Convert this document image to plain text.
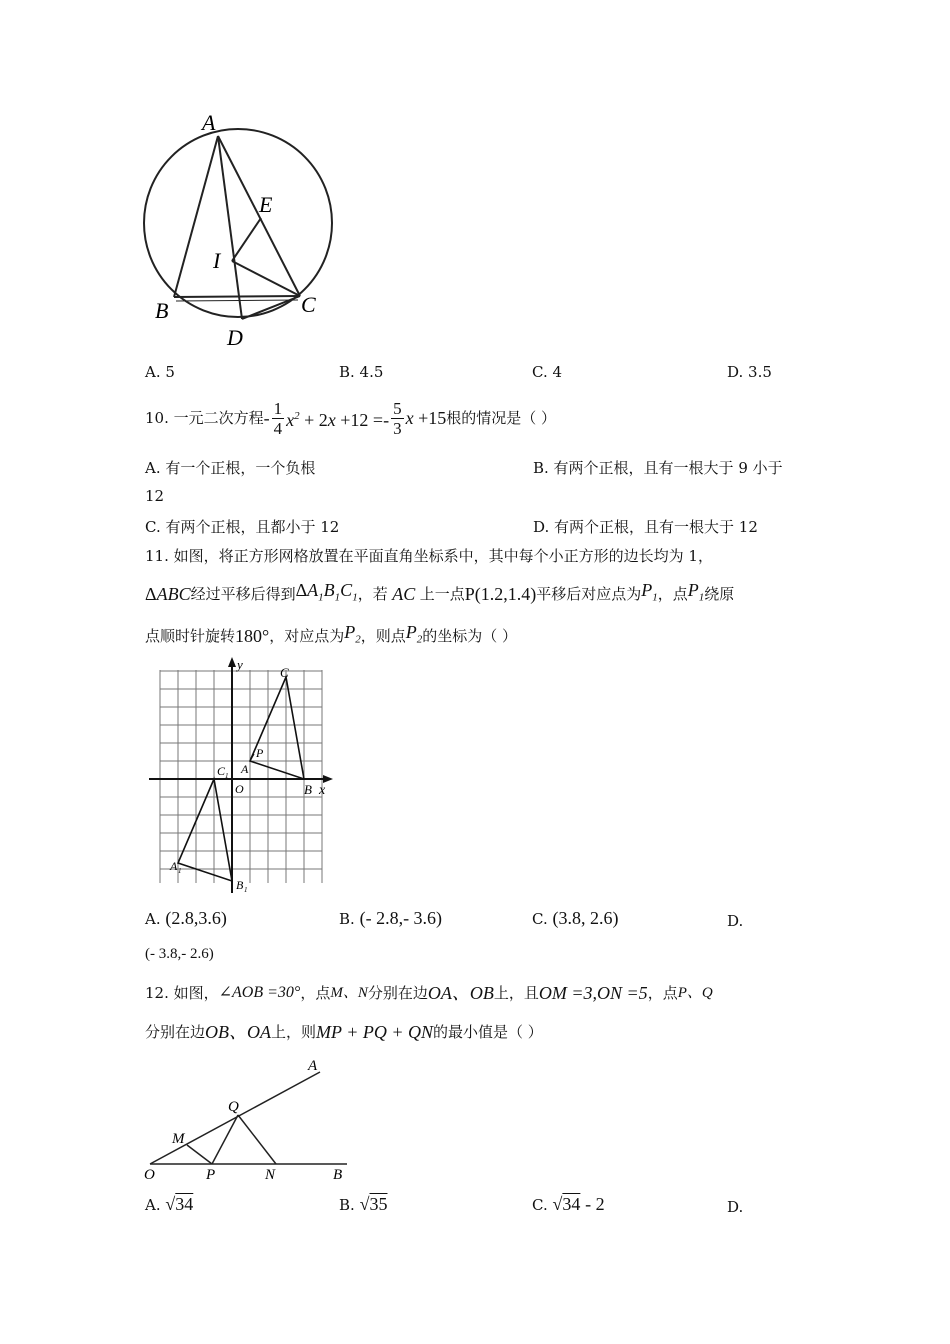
A
E
I
B	C
D
A. 5	B. 4.5	C. 4	D. 3.5
10. 一元二次方程 - $\frac{1}{4} x^2 + 2x +12 =- \frac{5}{3}$ x +15 根的情况是（ ）
A. 有一个正根，一个负根	B. 有两个正根，且有一根大于 9 小于
12
C. 有两个正根，且都小于 12	D. 有两个正根，且有一根大于 12
11. 如图，将正方形网格放置在平面直角坐标系中，其中每个小正方形的边长均为 1，
ΔABC 经过平移后得到 $\Delta A_1B_1C_1$ ，若 AC 上一点 P(1.2,1.4) 平移后对应点为 $P_1$ ，点 $P_1$ 绕原
点顺时针旋转 180° ，对应点为 $P_2$ ，则点 $P_2$ 的坐标为（ ）
y
x
C
P
A
C 1
O	B
A 1
B 1
A. (2.8,3.6)	B. (- 2.8,- 3.6)	C. (3.8, 2.6)	D.
(- 3.8,- 2.6)
12. 如图， ∠AOB =30° ，点 M、N 分别在边 OA、OB 上，且 OM =3,ON =5 ，点 P、Q
分别在边 OB、OA 上，则 MP + PQ + QN 的最小值是（ ）
A
Q
M
O	P	N	B
A. √34	B. √35	C. √34 - 2	D.
